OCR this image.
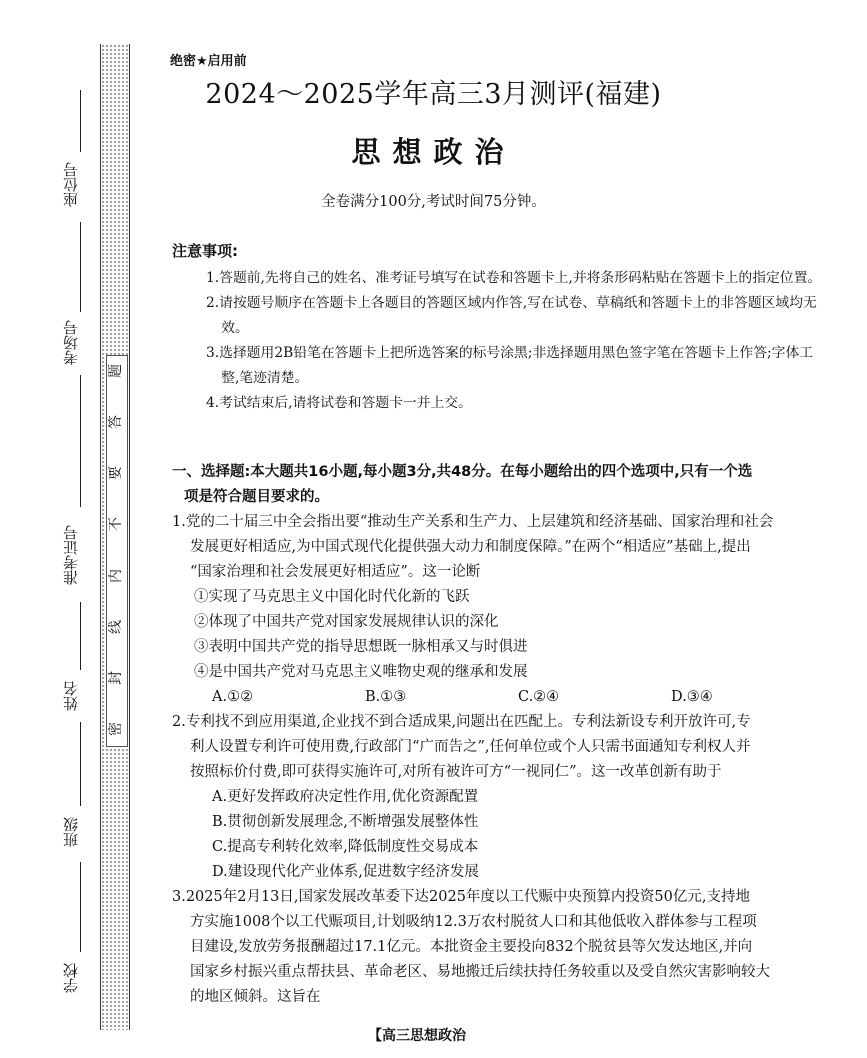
座位号
考场号
准考证号
姓名
班级
学校
题
答
要
不
内
线
封
密
绝密★启用前
2024～2025学年高三3月测评(福建)
思想政治
全卷满分100分,考试时间75分钟。
注意事项:

1.答题前,先将自己的姓名、准考证号填写在试卷和答题卡上,并将条形码粘贴在答题卡上的指定位置。

2.请按题号顺序在答题卡上各题目的答题区域内作答,写在试卷、草稿纸和答题卡上的非答题区域均无效。

3.选择题用2B铅笔在答题卡上把所选答案的标号涂黑;非选择题用黑色签字笔在答题卡上作答;字体工整,笔迹清楚。

4.考试结束后,请将试卷和答题卡一并上交。

一、选择题:本大题共16小题,每小题3分,共48分。在每小题给出的四个选项中,只有一个选
项是符合题目要求的。

1.党的二十届三中全会指出要“推动生产关系和生产力、上层建筑和经济基础、国家治理和社会

发展更好相适应,为中国式现代化提供强大动力和制度保障。”在两个“相适应”基础上,提出

“国家治理和社会发展更好相适应”。这一论断

①实现了马克思主义中国化时代化新的飞跃

②体现了中国共产党对国家发展规律认识的深化

③表明中国共产党的指导思想既一脉相承又与时俱进

④是中国共产党对马克思主义唯物史观的继承和发展

A.①②	B.①③	C.②④	D.③④

2.专利找不到应用渠道,企业找不到合适成果,问题出在匹配上。专利法新设专利开放许可,专

利人设置专利许可使用费,行政部门“广而告之”,任何单位或个人只需书面通知专利权人并

按照标价付费,即可获得实施许可,对所有被许可方“一视同仁”。这一改革创新有助于

A.更好发挥政府决定性作用,优化资源配置

B.贯彻创新发展理念,不断增强发展整体性

C.提高专利转化效率,降低制度性交易成本

D.建设现代化产业体系,促进数字经济发展

3.2025年2月13日,国家发展改革委下达2025年度以工代赈中央预算内投资50亿元,支持地

方实施1008个以工代赈项目,计划吸纳12.3万农村脱贫人口和其他低收入群体参与工程项

目建设,发放劳务报酬超过17.1亿元。本批资金主要投向832个脱贫县等欠发达地区,并向

国家乡村振兴重点帮扶县、革命老区、易地搬迁后续扶持任务较重以及受自然灾害影响较大

的地区倾斜。这旨在

【高三思想政治
